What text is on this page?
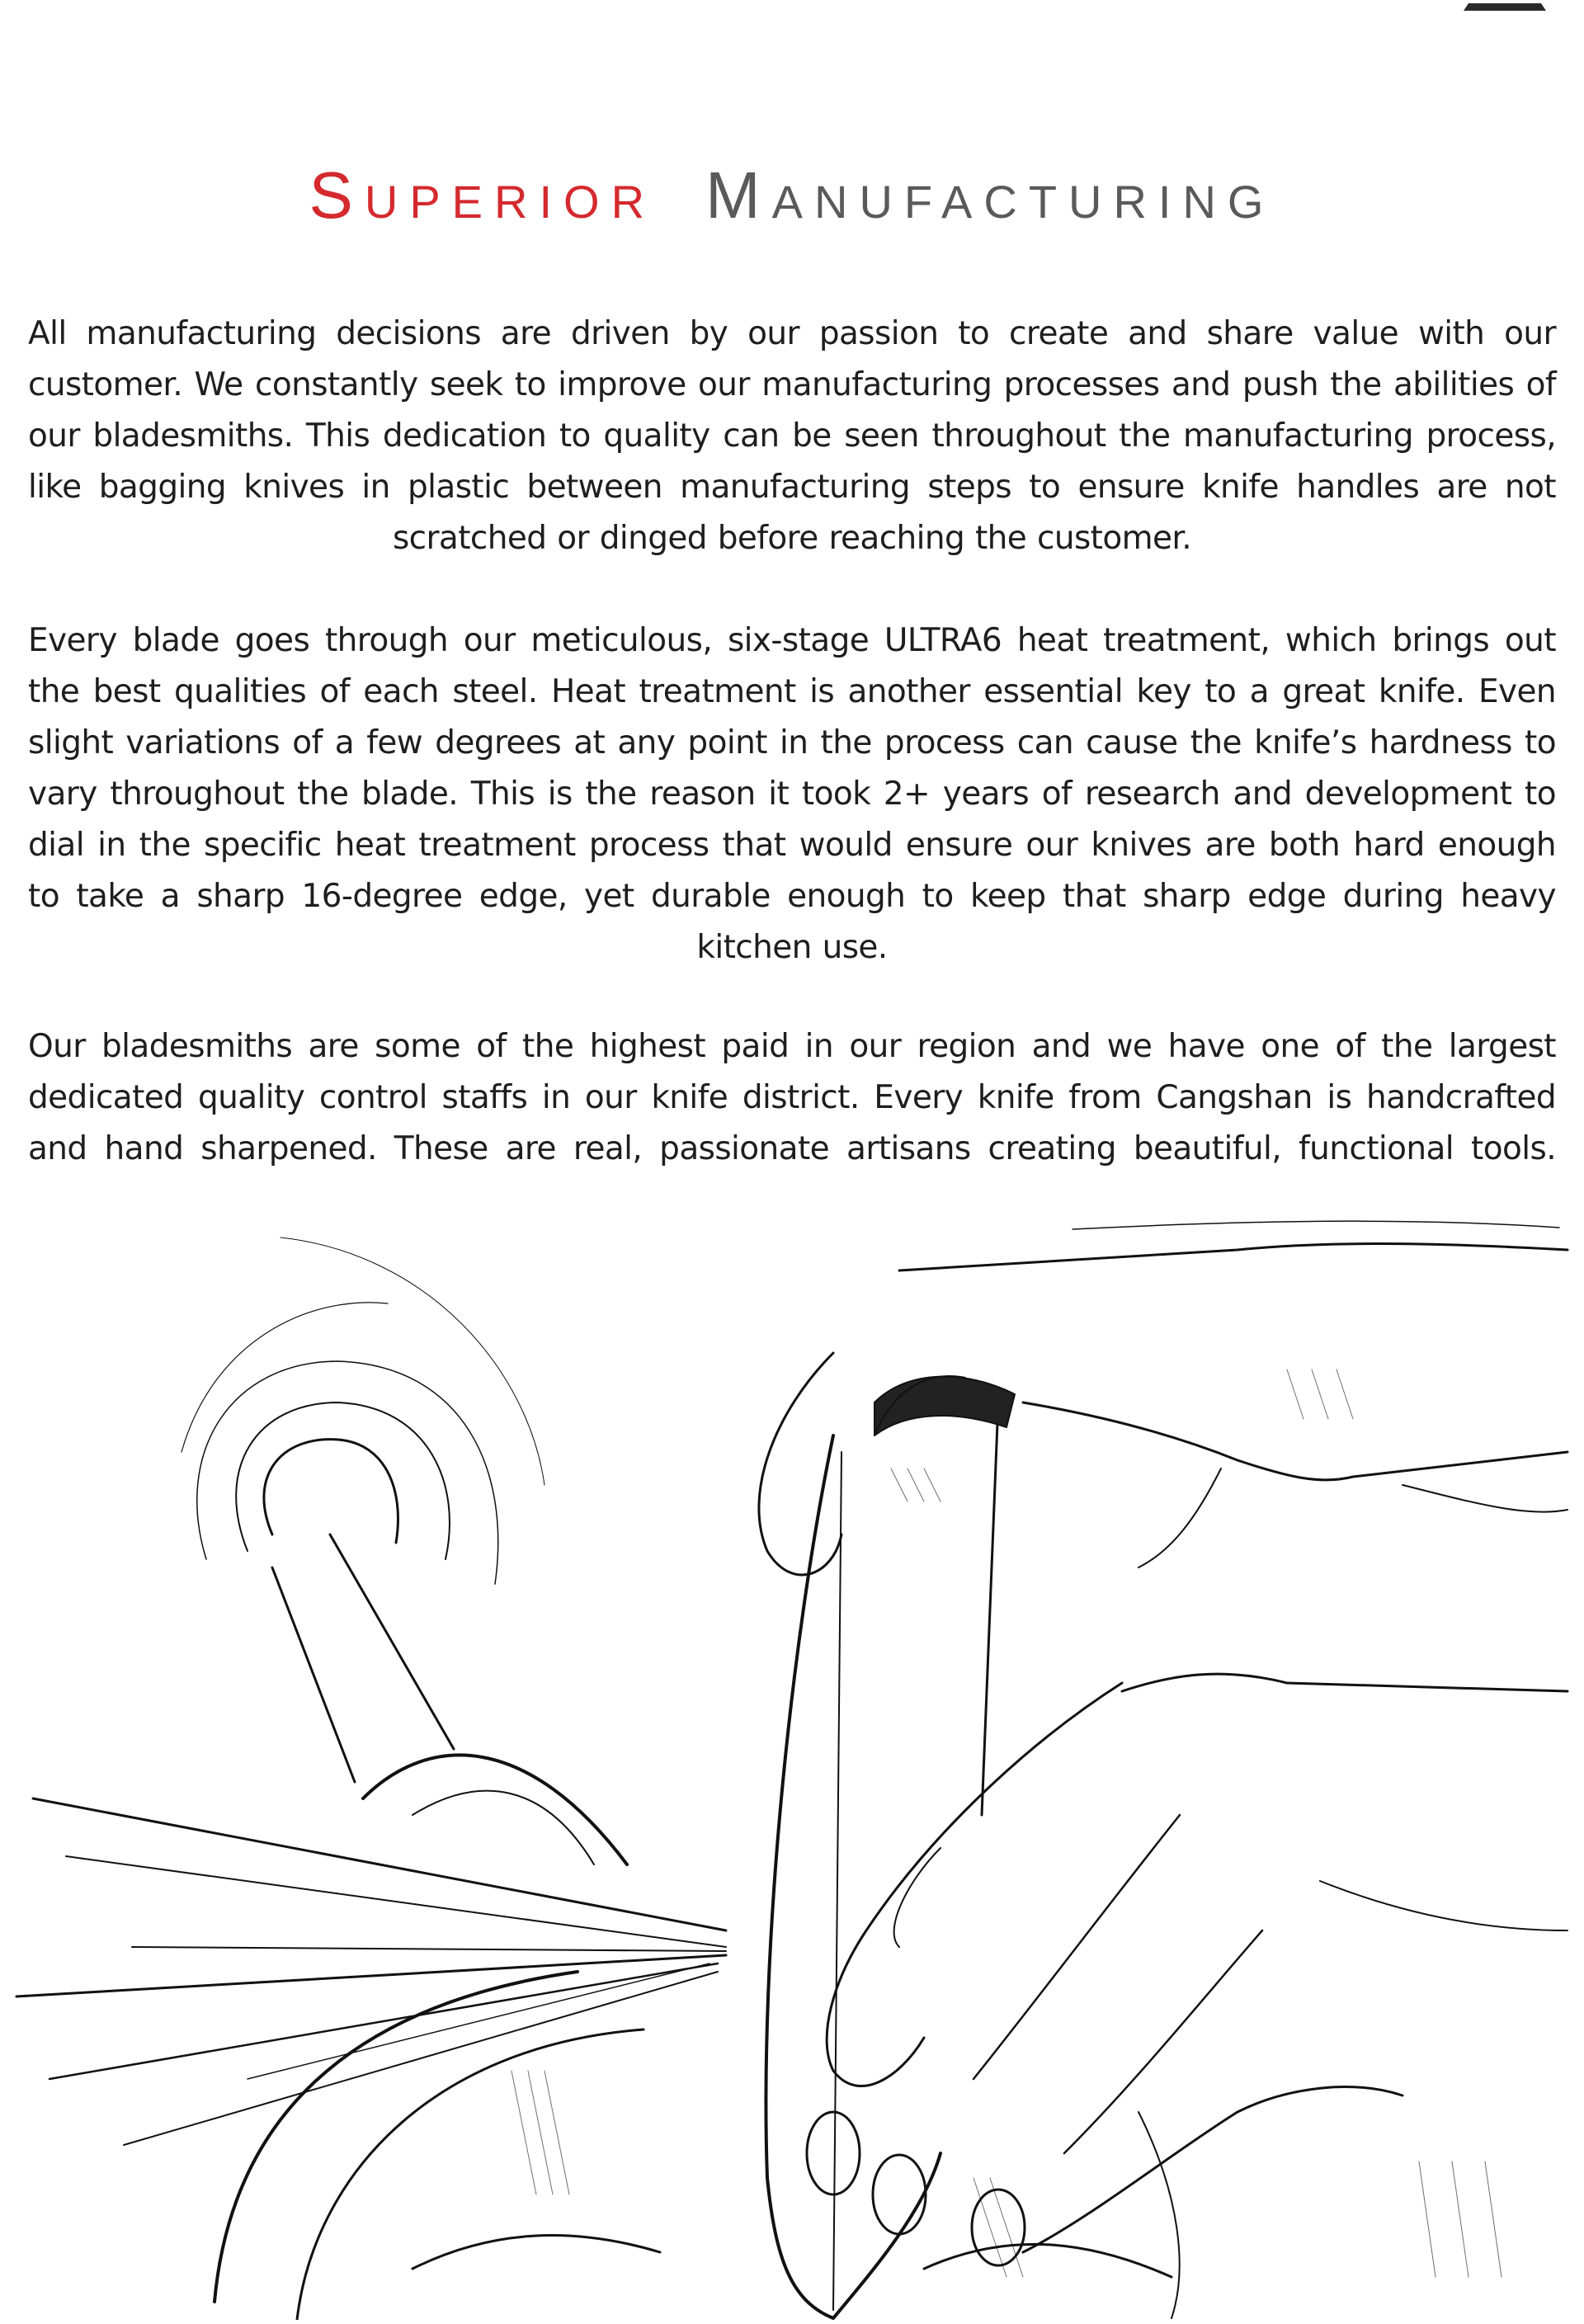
SUPERIOR MANUFACTURING

All manufacturing decisions are driven by our passion to create and share value with our customer. We constantly seek to improve our manufacturing processes and push the abilities of our bladesmiths. This dedication to quality can be seen throughout the manufacturing process, like bagging knives in plastic between manufacturing steps to ensure knife handles are not scratched or dinged before reaching the customer.

Every blade goes through our meticulous, six-stage ULTRA6 heat treatment, which brings out the best qualities of each steel. Heat treatment is another essential key to a great knife. Even slight variations of a few degrees at any point in the process can cause the knife’s hardness to vary throughout the blade. This is the reason it took 2+ years of research and development to dial in the specific heat treatment process that would ensure our knives are both hard enough to take a sharp 16-degree edge, yet durable enough to keep that sharp edge during heavy kitchen use.

Our bladesmiths are some of the highest paid in our region and we have one of the largest dedicated quality control staffs in our knife district. Every knife from Cangshan is handcrafted and hand sharpened. These are real, passionate artisans creating beautiful, functional tools.
